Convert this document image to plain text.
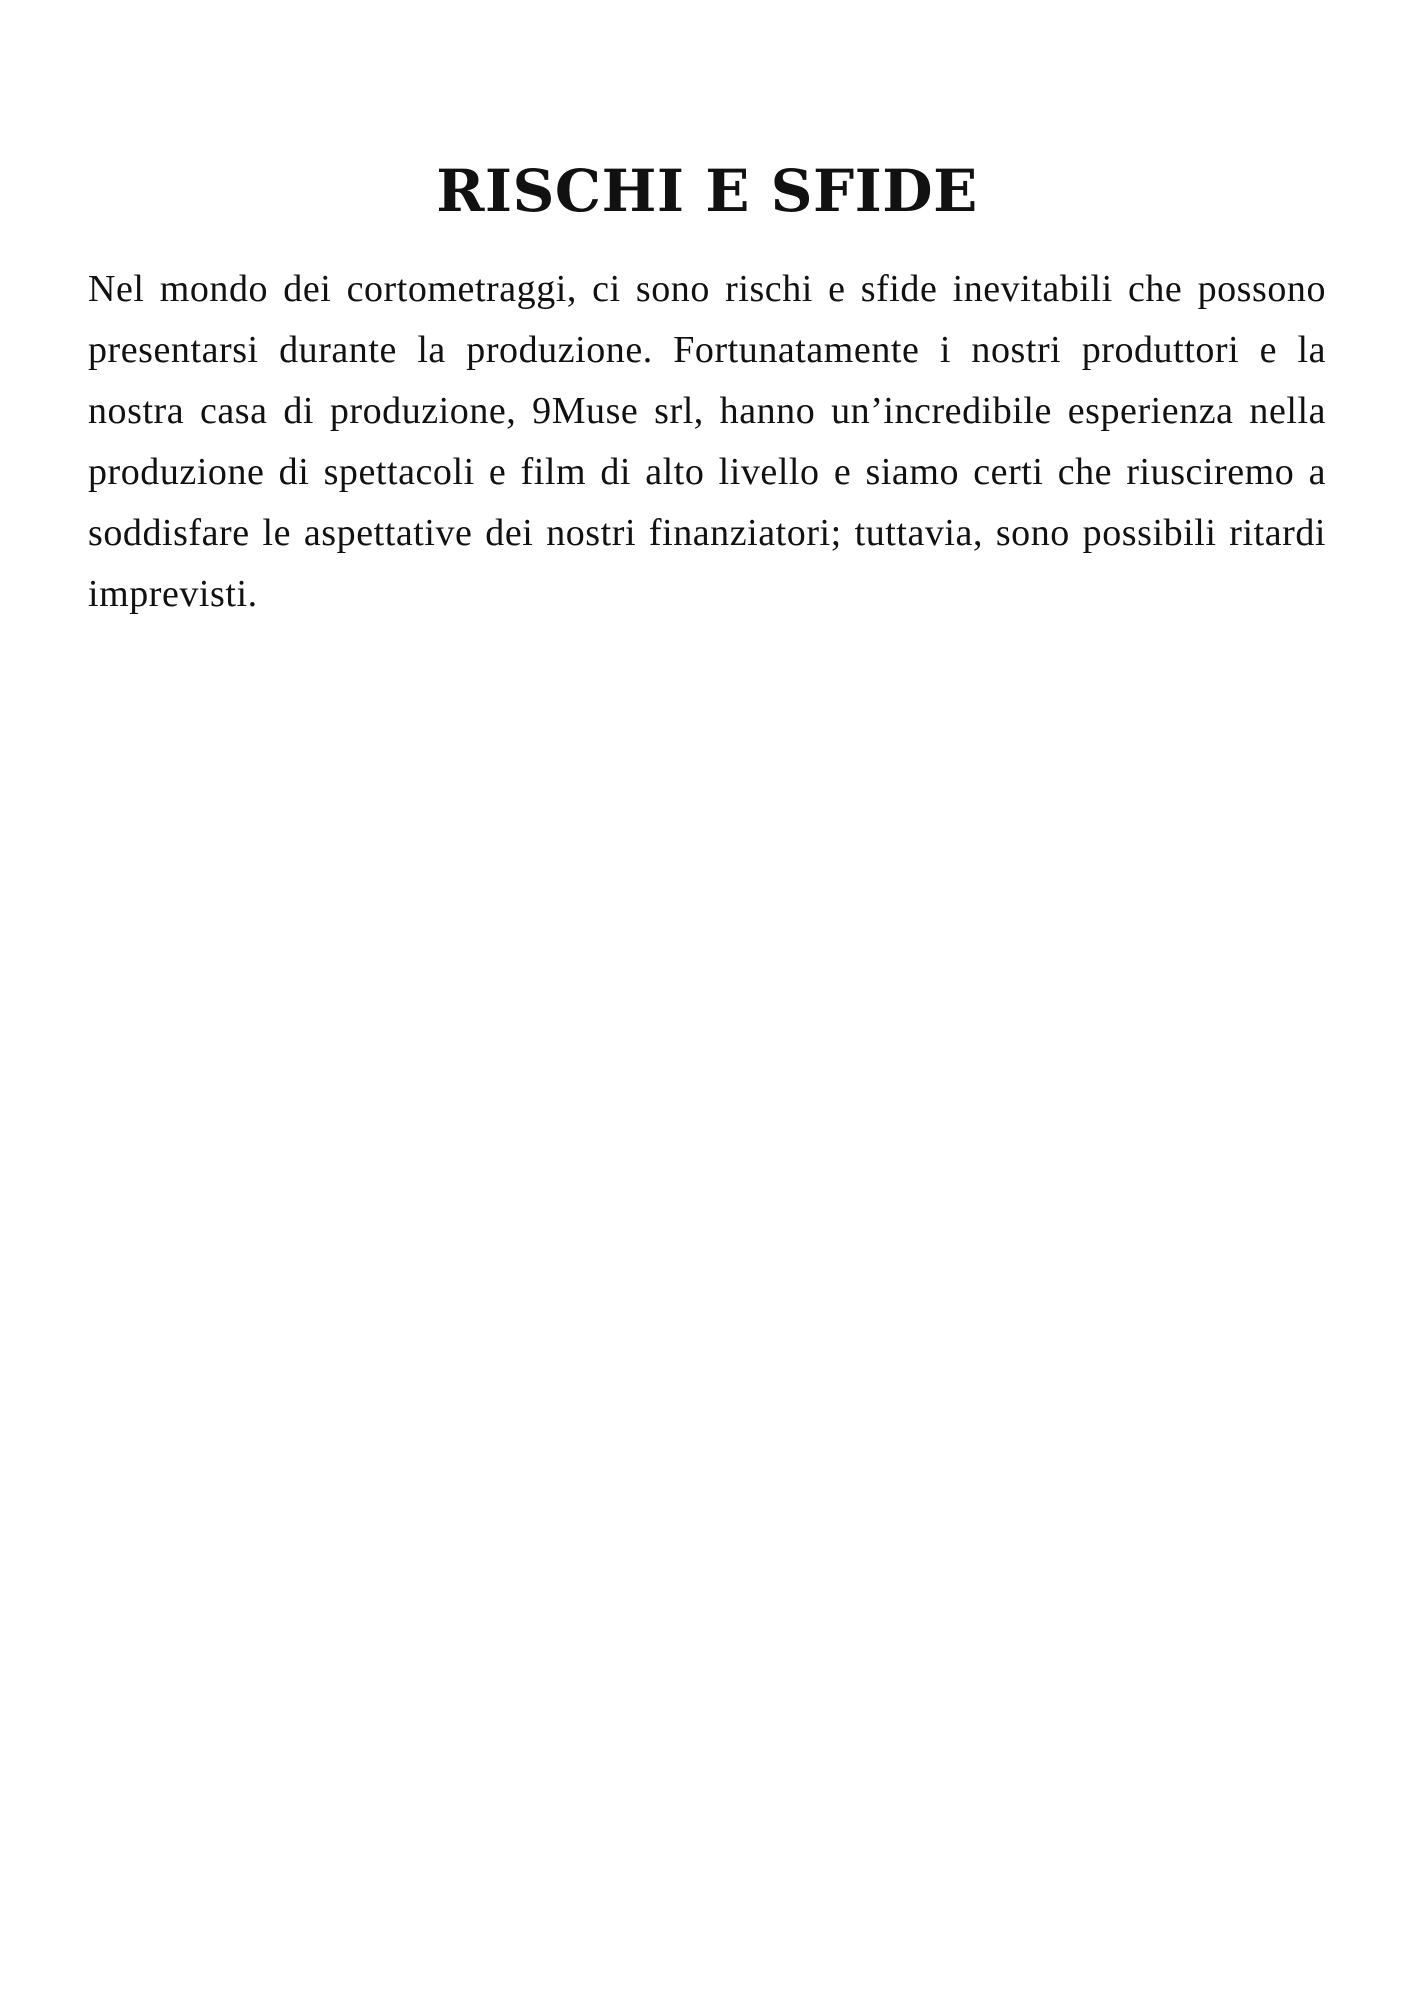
RISCHI E SFIDE

Nel mondo dei cortometraggi, ci sono rischi e sfide inevitabili che possono presentarsi durante la produzione. Fortunatamente i nostri produttori e la nostra casa di produzione, 9Muse srl, hanno un’incredibile esperienza nella produzione di spettacoli e film di alto livello e siamo certi che riusciremo a soddisfare le aspettative dei nostri finanziatori; tuttavia, sono possibili ritardi imprevisti.
